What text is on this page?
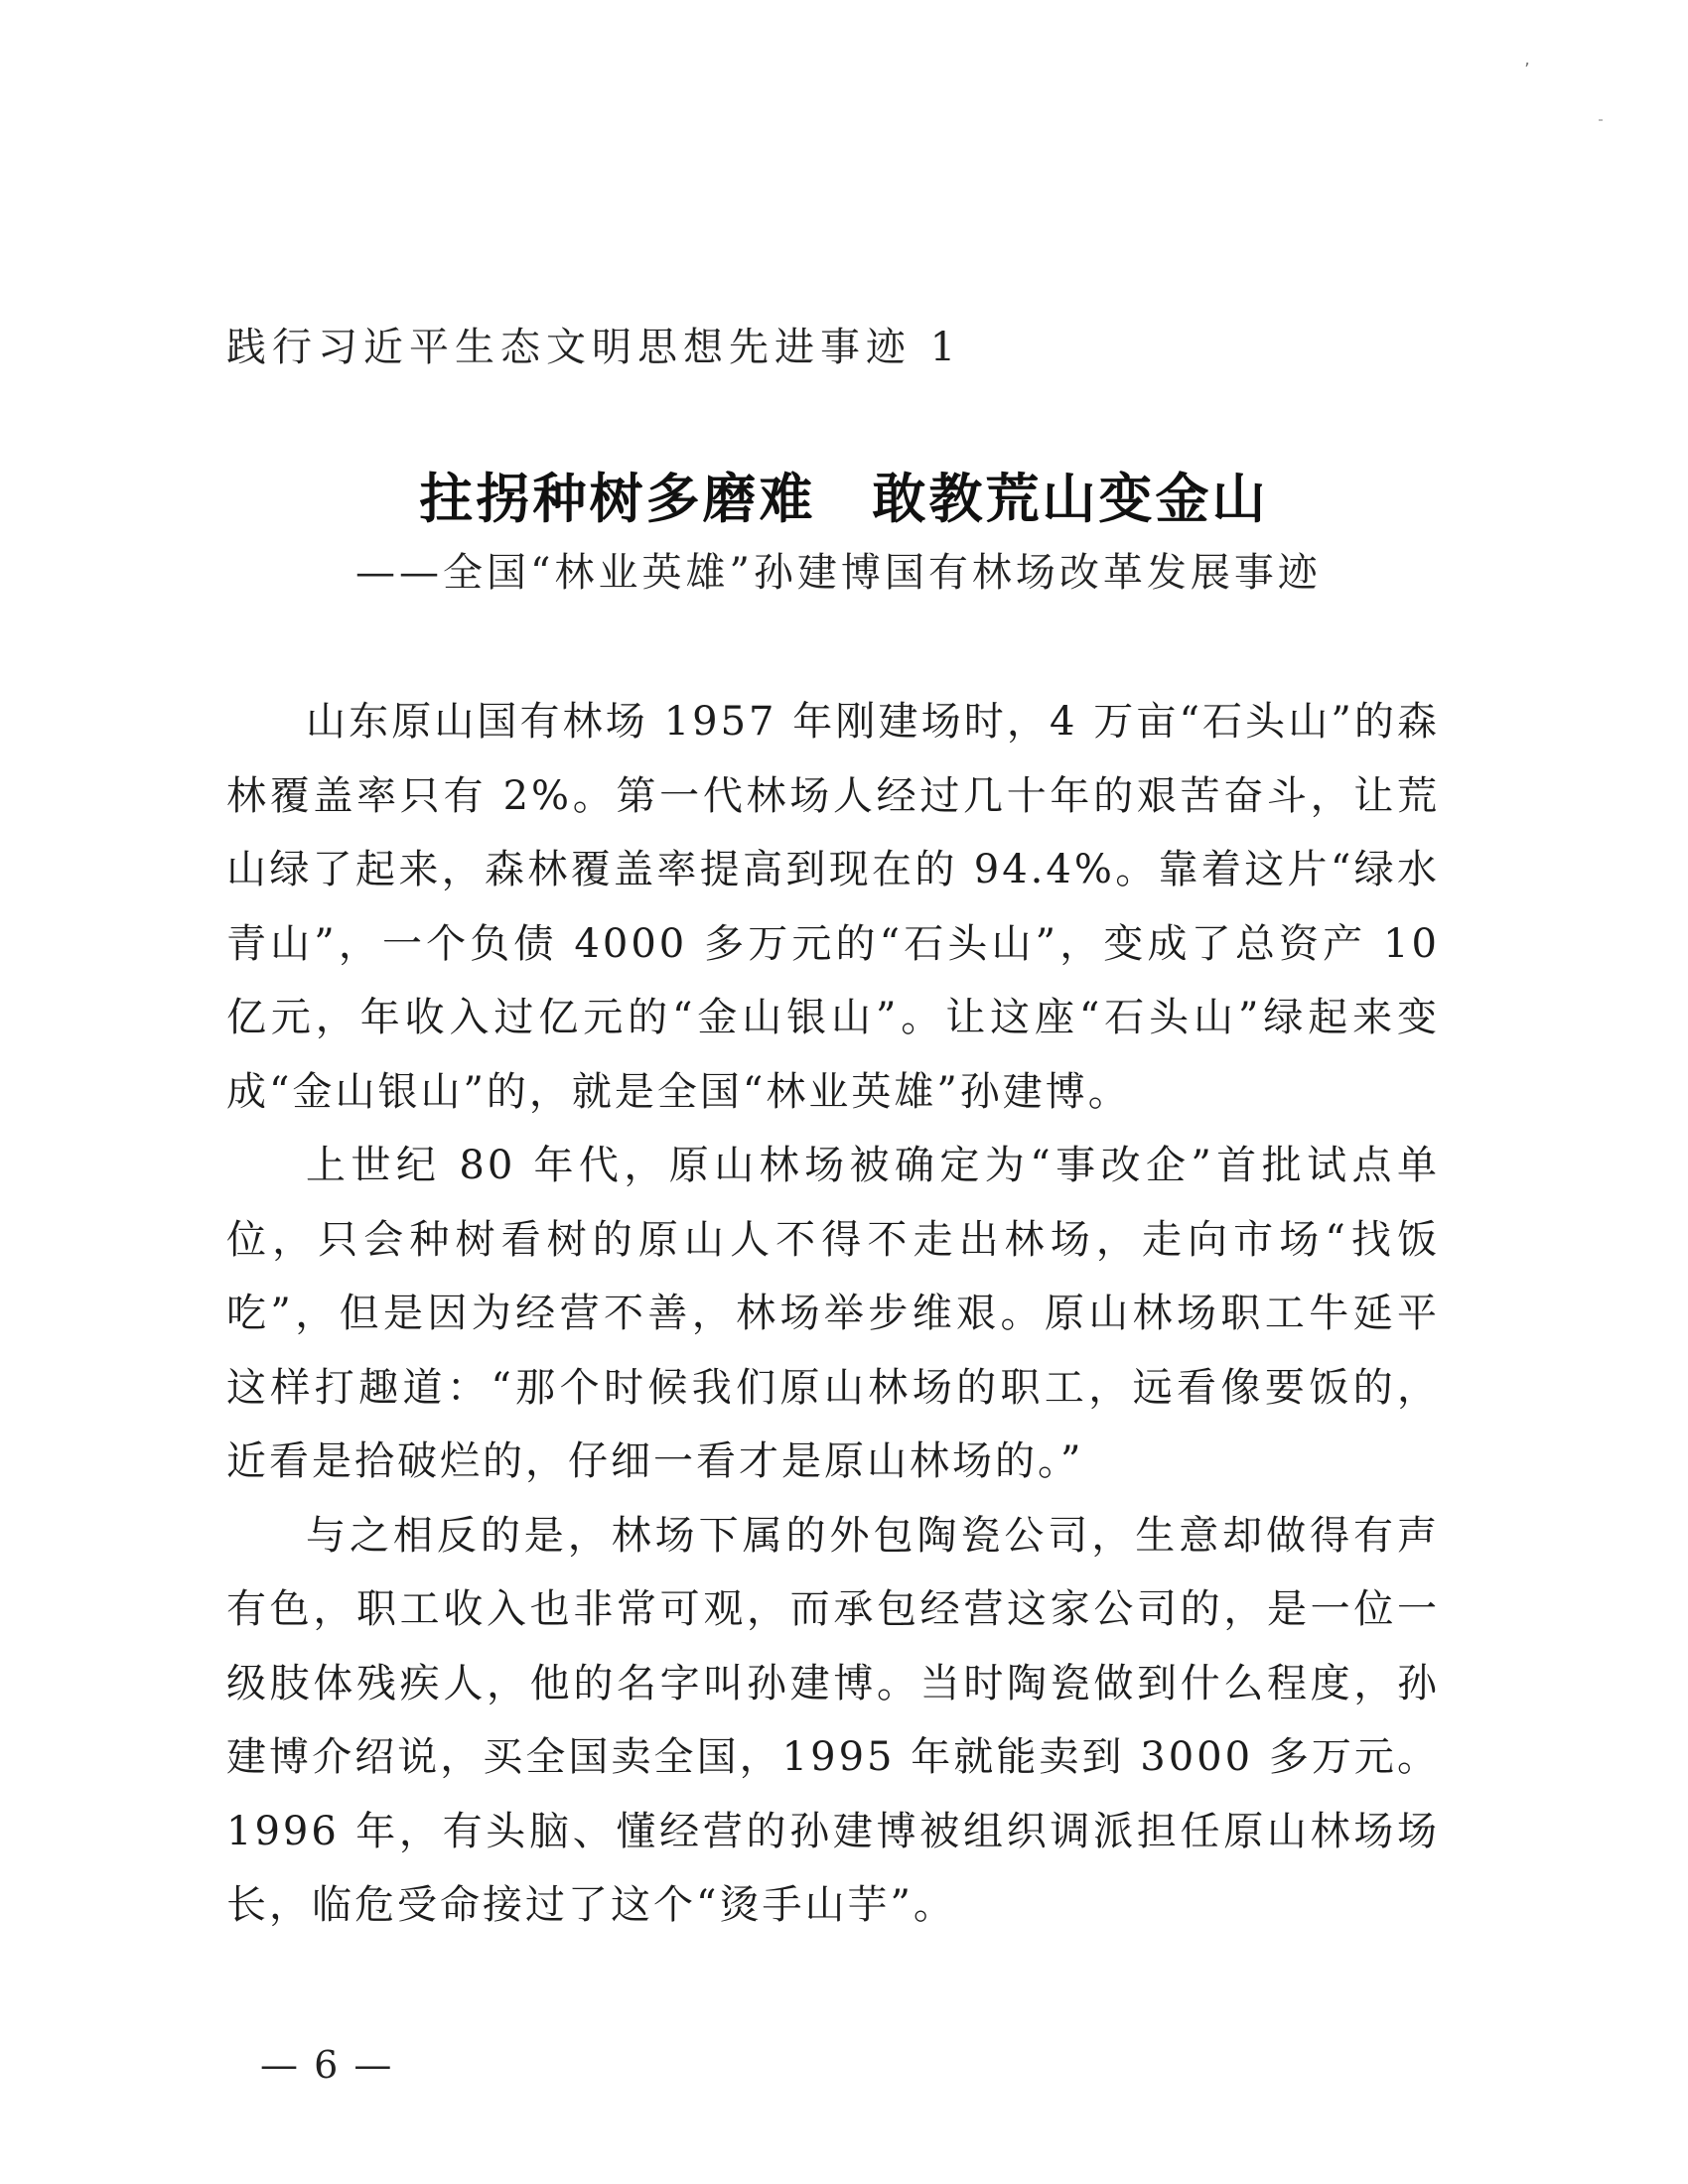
’
践行习近平生态文明思想先进事迹 1
拄拐种树多磨难　敢教荒山变金山
——全国“林业英雄”孙建博国有林场改革发展事迹

山东原山国有林场 1957 年刚建场时，4 万亩“石头山”的森林覆盖率只有 2%。第一代林场人经过几十年的艰苦奋斗，让荒山绿了起来，森林覆盖率提高到现在的 94.4%。靠着这片“绿水青山”，一个负债 4000 多万元的“石头山”，变成了总资产 10 亿元，年收入过亿元的“金山银山”。让这座“石头山”绿起来变成“金山银山”的，就是全国“林业英雄”孙建博。

上世纪 80 年代，原山林场被确定为“事改企”首批试点单位，只会种树看树的原山人不得不走出林场，走向市场“找饭吃”，但是因为经营不善，林场举步维艰。原山林场职工牛延平这样打趣道：“那个时候我们原山林场的职工，远看像要饭的，近看是拾破烂的，仔细一看才是原山林场的。”

与之相反的是，林场下属的外包陶瓷公司，生意却做得有声有色，职工收入也非常可观，而承包经营这家公司的，是一位一级肢体残疾人，他的名字叫孙建博。当时陶瓷做到什么程度，孙建博介绍说，买全国卖全国，1995 年就能卖到 3000 多万元。1996 年，有头脑、懂经营的孙建博被组织调派担任原山林场场长，临危受命接过了这个“烫手山芋”。

— 6 —
